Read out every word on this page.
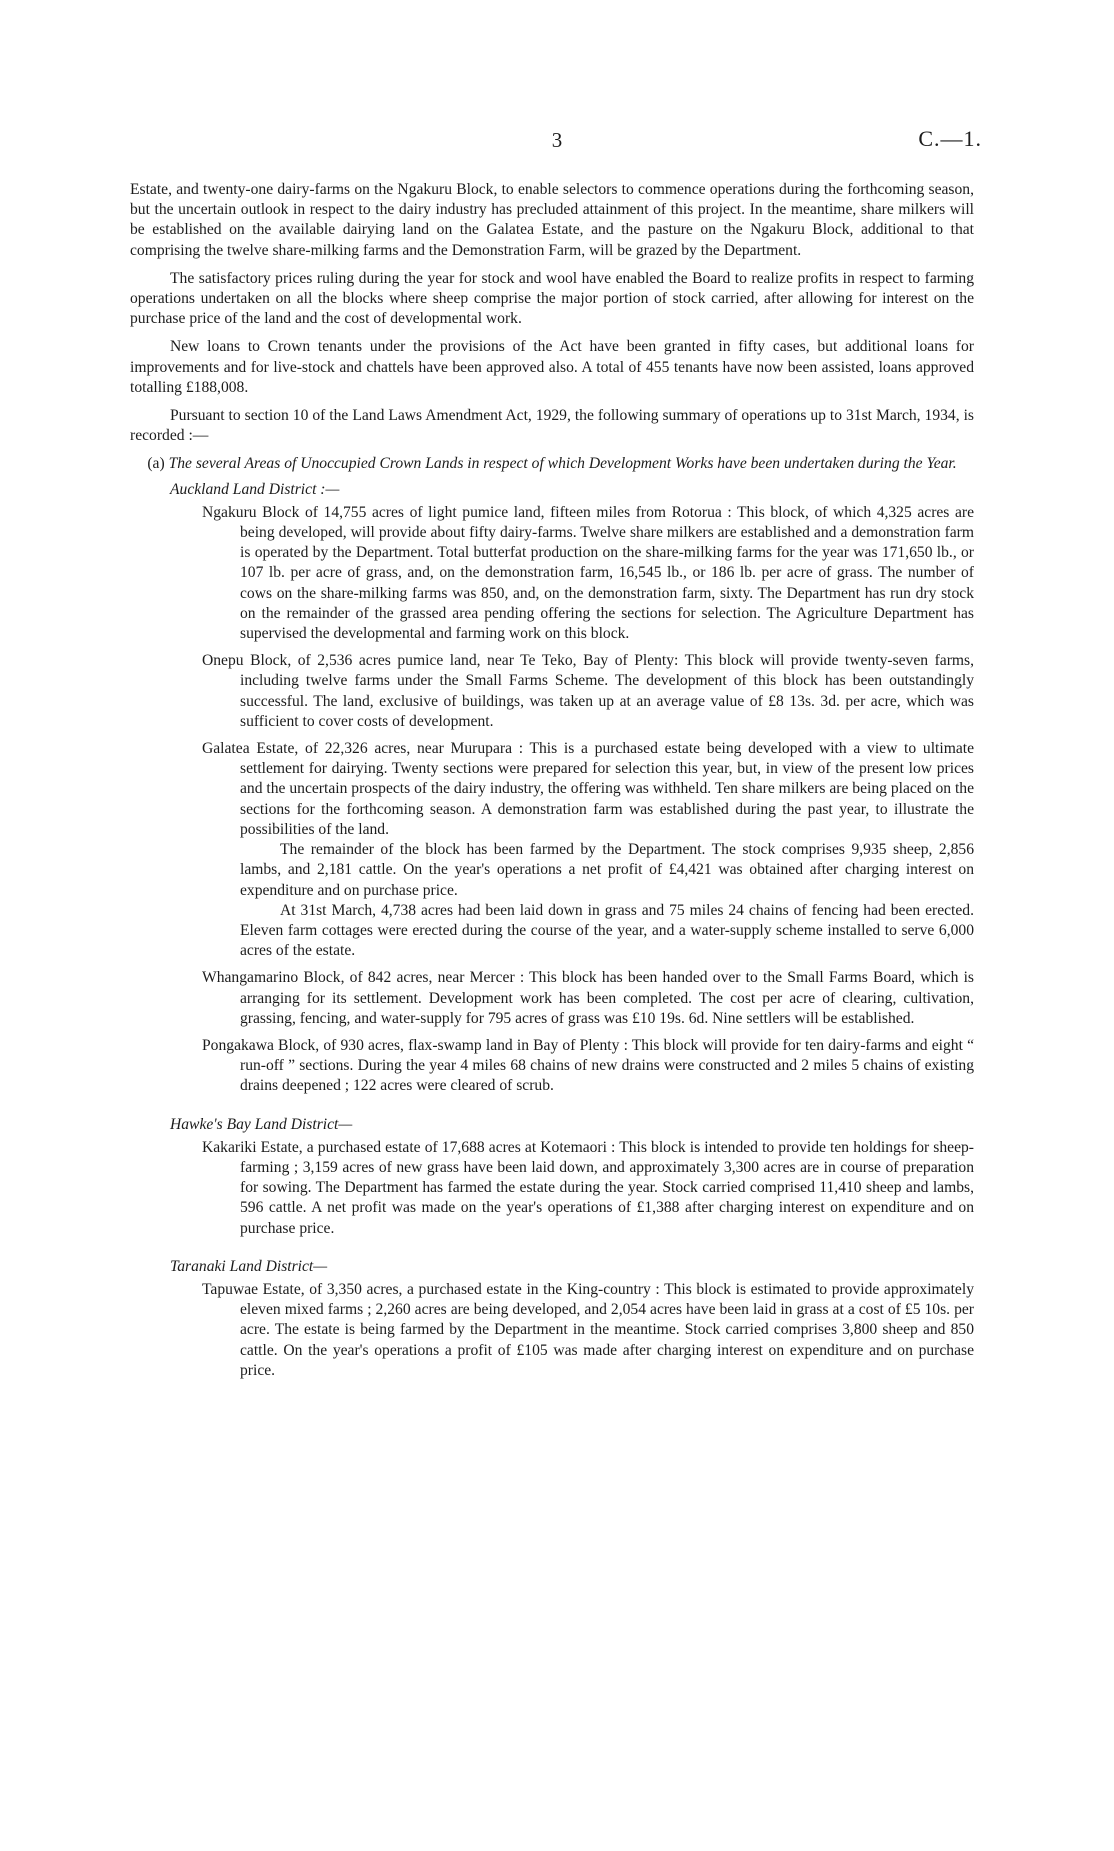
3	C.—1.

Estate, and twenty-one dairy-farms on the Ngakuru Block, to enable selectors to commence operations during the forthcoming season, but the uncertain outlook in respect to the dairy industry has precluded attainment of this project. In the meantime, share milkers will be established on the available dairying land on the Galatea Estate, and the pasture on the Ngakuru Block, additional to that comprising the twelve share-milking farms and the Demonstration Farm, will be grazed by the Department.

The satisfactory prices ruling during the year for stock and wool have enabled the Board to realize profits in respect to farming operations undertaken on all the blocks where sheep comprise the major portion of stock carried, after allowing for interest on the purchase price of the land and the cost of developmental work.

New loans to Crown tenants under the provisions of the Act have been granted in fifty cases, but additional loans for improvements and for live-stock and chattels have been approved also. A total of 455 tenants have now been assisted, loans approved totalling £188,008.

Pursuant to section 10 of the Land Laws Amendment Act, 1929, the following summary of operations up to 31st March, 1934, is recorded :—

(a) The several Areas of Unoccupied Crown Lands in respect of which Development Works have been undertaken during the Year.

Auckland Land District :—

Ngakuru Block of 14,755 acres of light pumice land, fifteen miles from Rotorua : This block, of which 4,325 acres are being developed, will provide about fifty dairy-farms. Twelve share milkers are established and a demonstration farm is operated by the Department. Total butterfat production on the share-milking farms for the year was 171,650 lb., or 107 lb. per acre of grass, and, on the demonstration farm, 16,545 lb., or 186 lb. per acre of grass. The number of cows on the share-milking farms was 850, and, on the demonstration farm, sixty. The Department has run dry stock on the remainder of the grassed area pending offering the sections for selection. The Agriculture Department has supervised the developmental and farming work on this block.

Onepu Block, of 2,536 acres pumice land, near Te Teko, Bay of Plenty: This block will provide twenty-seven farms, including twelve farms under the Small Farms Scheme. The development of this block has been outstandingly successful. The land, exclusive of buildings, was taken up at an average value of £8 13s. 3d. per acre, which was sufficient to cover costs of development.

Galatea Estate, of 22,326 acres, near Murupara : This is a purchased estate being developed with a view to ultimate settlement for dairying. Twenty sections were prepared for selection this year, but, in view of the present low prices and the uncertain prospects of the dairy industry, the offering was withheld. Ten share milkers are being placed on the sections for the forthcoming season. A demonstration farm was established during the past year, to illustrate the possibilities of the land.

The remainder of the block has been farmed by the Department. The stock comprises 9,935 sheep, 2,856 lambs, and 2,181 cattle. On the year's operations a net profit of £4,421 was obtained after charging interest on expenditure and on purchase price.

At 31st March, 4,738 acres had been laid down in grass and 75 miles 24 chains of fencing had been erected. Eleven farm cottages were erected during the course of the year, and a water-supply scheme installed to serve 6,000 acres of the estate.

Whangamarino Block, of 842 acres, near Mercer : This block has been handed over to the Small Farms Board, which is arranging for its settlement. Development work has been completed. The cost per acre of clearing, cultivation, grassing, fencing, and water-supply for 795 acres of grass was £10 19s. 6d. Nine settlers will be established.

Pongakawa Block, of 930 acres, flax-swamp land in Bay of Plenty : This block will provide for ten dairy-farms and eight “ run-off ” sections. During the year 4 miles 68 chains of new drains were constructed and 2 miles 5 chains of existing drains deepened ; 122 acres were cleared of scrub.

Hawke's Bay Land District—

Kakariki Estate, a purchased estate of 17,688 acres at Kotemaori : This block is intended to provide ten holdings for sheep-farming ; 3,159 acres of new grass have been laid down, and approximately 3,300 acres are in course of preparation for sowing. The Department has farmed the estate during the year. Stock carried comprised 11,410 sheep and lambs, 596 cattle. A net profit was made on the year's operations of £1,388 after charging interest on expenditure and on purchase price.

Taranaki Land District—

Tapuwae Estate, of 3,350 acres, a purchased estate in the King-country : This block is estimated to provide approximately eleven mixed farms ; 2,260 acres are being developed, and 2,054 acres have been laid in grass at a cost of £5 10s. per acre. The estate is being farmed by the Department in the meantime. Stock carried comprises 3,800 sheep and 850 cattle. On the year's operations a profit of £105 was made after charging interest on expenditure and on purchase price.
